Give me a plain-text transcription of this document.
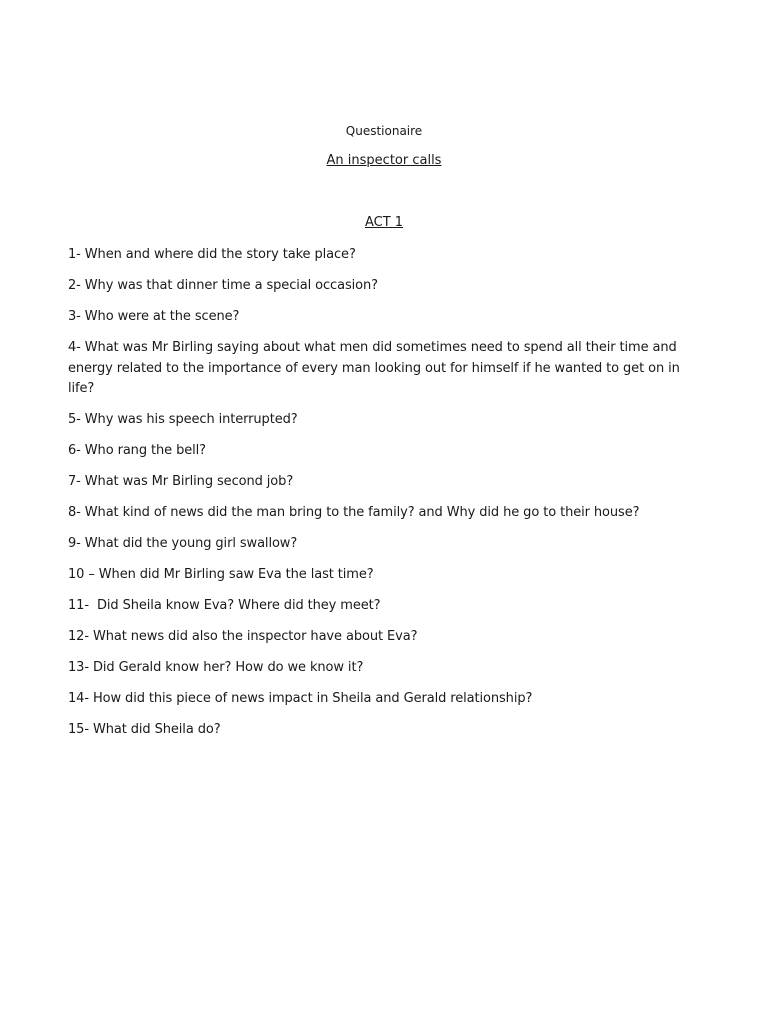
Questionaire

An inspector calls

ACT 1

1- When and where did the story take place?
2- Why was that dinner time a special occasion?
3- Who were at the scene?
4- What was Mr Birling saying about what men did sometimes need to spend all their time and energy related to the importance of every man looking out for himself if he wanted to get on in life?
5- Why was his speech interrupted?
6- Who rang the bell?
7- What was Mr Birling second job?
8- What kind of news did the man bring to the family? and Why did he go to their house?
9- What did the young girl swallow?
10 – When did Mr Birling saw Eva the last time?
11-  Did Sheila know Eva? Where did they meet?
12- What news did also the inspector have about Eva?
13- Did Gerald know her? How do we know it?
14- How did this piece of news impact in Sheila and Gerald relationship?
15- What did Sheila do?
